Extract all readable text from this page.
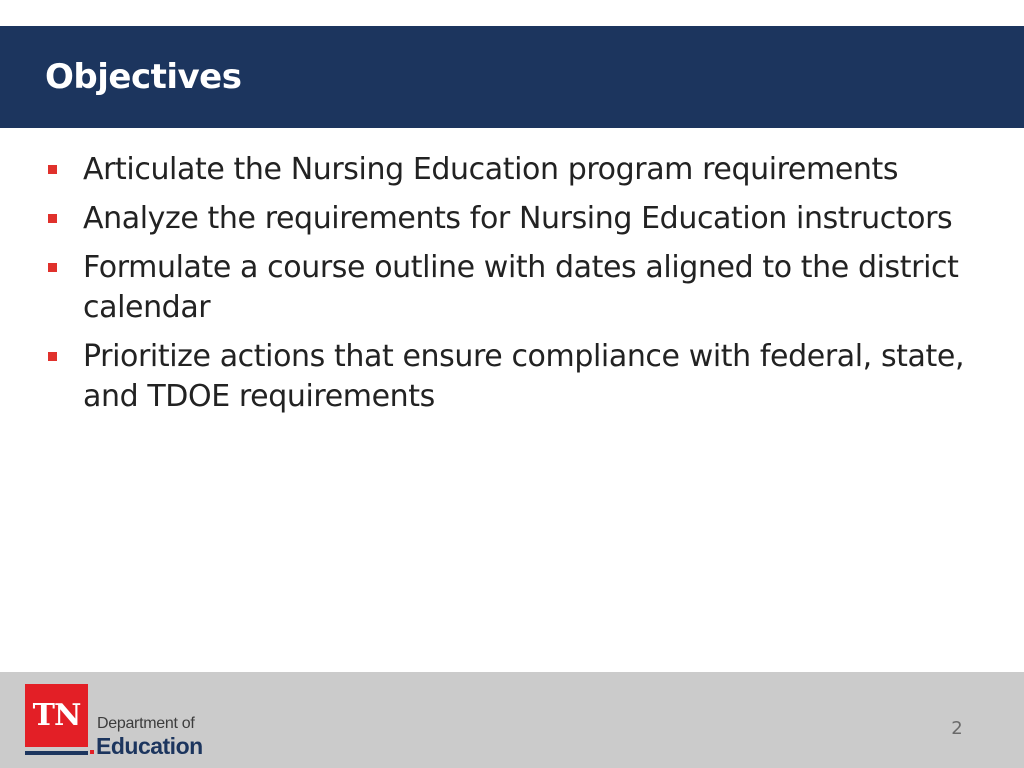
Objectives
Articulate the Nursing Education program requirements
Analyze the requirements for Nursing Education instructors
Formulate a course outline with dates aligned to the district calendar
Prioritize actions that ensure compliance with federal, state, and TDOE requirements
TN	Department of
Education
2
